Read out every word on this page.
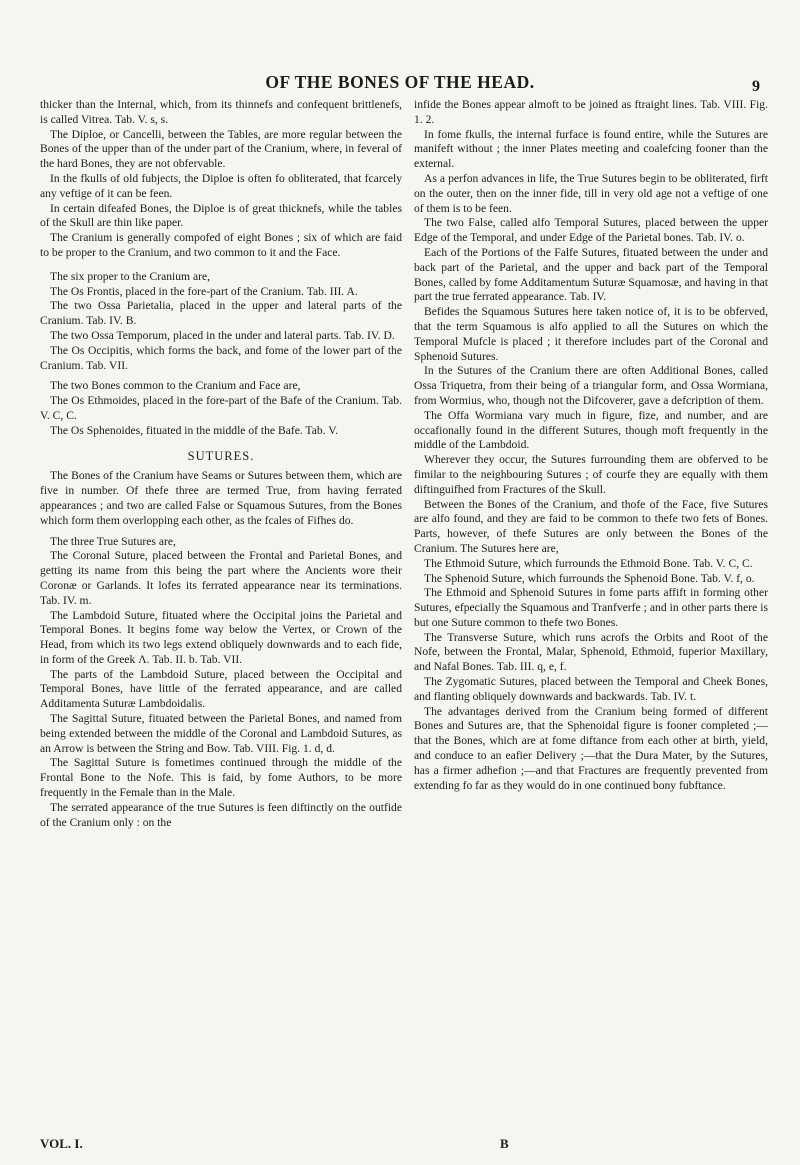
OF THE BONES OF THE HEAD.	9

thicker than the Internal, which, from its thinnefs and confequent brittlenefs, is called Vitrea. Tab. V. s, s.

The Diploe, or Cancelli, between the Tables, are more regular between the Bones of the upper than of the under part of the Cranium, where, in feveral of the hard Bones, they are not obfervable.

In the fkulls of old fubjects, the Diploe is often fo obliterated, that fcarcely any veftige of it can be feen.

In certain difeafed Bones, the Diploe is of great thicknefs, while the tables of the Skull are thin like paper.

The Cranium is generally compofed of eight Bones ; six of which are faid to be proper to the Cranium, and two common to it and the Face.

The six proper to the Cranium are,

The Os Frontis, placed in the fore-part of the Cranium. Tab. III. A.

The two Ossa Parietalia, placed in the upper and lateral parts of the Cranium. Tab. IV. B.

The two Ossa Temporum, placed in the under and lateral parts. Tab. IV. D.

The Os Occipitis, which forms the back, and fome of the lower part of the Cranium. Tab. VII.

The two Bones common to the Cranium and Face are,

The Os Ethmoides, placed in the fore-part of the Bafe of the Cranium. Tab. V. C, C.

The Os Sphenoides, fituated in the middle of the Bafe. Tab. V.

SUTURES.

The Bones of the Cranium have Seams or Sutures between them, which are five in number. Of thefe three are termed True, from having ferrated appearances ; and two are called False or Squamous Sutures, from the Bones which form them overlopping each other, as the fcales of Fifhes do.

The three True Sutures are,

The Coronal Suture, placed between the Frontal and Parietal Bones, and getting its name from this being the part where the Ancients wore their Coronæ or Garlands. It lofes its ferrated appearance near its terminations. Tab. IV. m.

The Lambdoid Suture, fituated where the Occipital joins the Parietal and Temporal Bones. It begins fome way below the Vertex, or Crown of the Head, from which its two legs extend obliquely downwards and to each fide, in form of the Greek Λ. Tab. II. b. Tab. VII.

The parts of the Lambdoid Suture, placed between the Occipital and Temporal Bones, have little of the ferrated appearance, and are called Additamenta Suturæ Lambdoidalis.

The Sagittal Suture, fituated between the Parietal Bones, and named from being extended between the middle of the Coronal and Lambdoid Sutures, as an Arrow is between the String and Bow. Tab. VIII. Fig. 1. d, d.

The Sagittal Suture is fometimes continued through the middle of the Frontal Bone to the Nofe. This is faid, by fome Authors, to be more frequently in the Female than in the Male.

The serrated appearance of the true Sutures is feen diftinctly on the outfide of the Cranium only : on the

infide the Bones appear almoft to be joined as ftraight lines. Tab. VIII. Fig. 1. 2.

In fome fkulls, the internal furface is found entire, while the Sutures are manifeft without ; the inner Plates meeting and coalefcing fooner than the external.

As a perfon advances in life, the True Sutures begin to be obliterated, firft on the outer, then on the inner fide, till in very old age not a veftige of one of them is to be feen.

The two False, called alfo Temporal Sutures, placed between the upper Edge of the Temporal, and under Edge of the Parietal bones. Tab. IV. o.

Each of the Portions of the Falfe Sutures, fituated between the under and back part of the Parietal, and the upper and back part of the Temporal Bones, called by fome Additamentum Suturæ Squamosæ, and having in that part the true ferrated appearance. Tab. IV.

Befides the Squamous Sutures here taken notice of, it is to be obferved, that the term Squamous is alfo applied to all the Sutures on which the Temporal Mufcle is placed ; it therefore includes part of the Coronal and Sphenoid Sutures.

In the Sutures of the Cranium there are often Additional Bones, called Ossa Triquetra, from their being of a triangular form, and Ossa Wormiana, from Wormius, who, though not the Difcoverer, gave a defcription of them.

The Offa Wormiana vary much in figure, fize, and number, and are occafionally found in the different Sutures, though moft frequently in the middle of the Lambdoid.

Wherever they occur, the Sutures furrounding them are obferved to be fimilar to the neighbouring Sutures ; of courfe they are equally with them diftinguifhed from Fractures of the Skull.

Between the Bones of the Cranium, and thofe of the Face, five Sutures are alfo found, and they are faid to be common to thefe two fets of Bones. Parts, however, of thefe Sutures are only between the Bones of the Cranium. The Sutures here are,

The Ethmoid Suture, which furrounds the Ethmoid Bone. Tab. V. C, C.

The Sphenoid Suture, which furrounds the Sphenoid Bone. Tab. V. f, o.

The Ethmoid and Sphenoid Sutures in fome parts affift in forming other Sutures, efpecially the Squamous and Tranfverfe ; and in other parts there is but one Suture common to thefe two Bones.

The Transverse Suture, which runs acrofs the Orbits and Root of the Nofe, between the Frontal, Malar, Sphenoid, Ethmoid, fuperior Maxillary, and Nafal Bones. Tab. III. q, e, f.

The Zygomatic Sutures, placed between the Temporal and Cheek Bones, and flanting obliquely downwards and backwards. Tab. IV. t.

The advantages derived from the Cranium being formed of different Bones and Sutures are, that the Sphenoidal figure is fooner completed ;—that the Bones, which are at fome diftance from each other at birth, yield, and conduce to an eafier Delivery ;—that the Dura Mater, by the Sutures, has a firmer adhefion ;—and that Fractures are frequently prevented from extending fo far as they would do in one continued bony fubftance.

VOL. I.	B
